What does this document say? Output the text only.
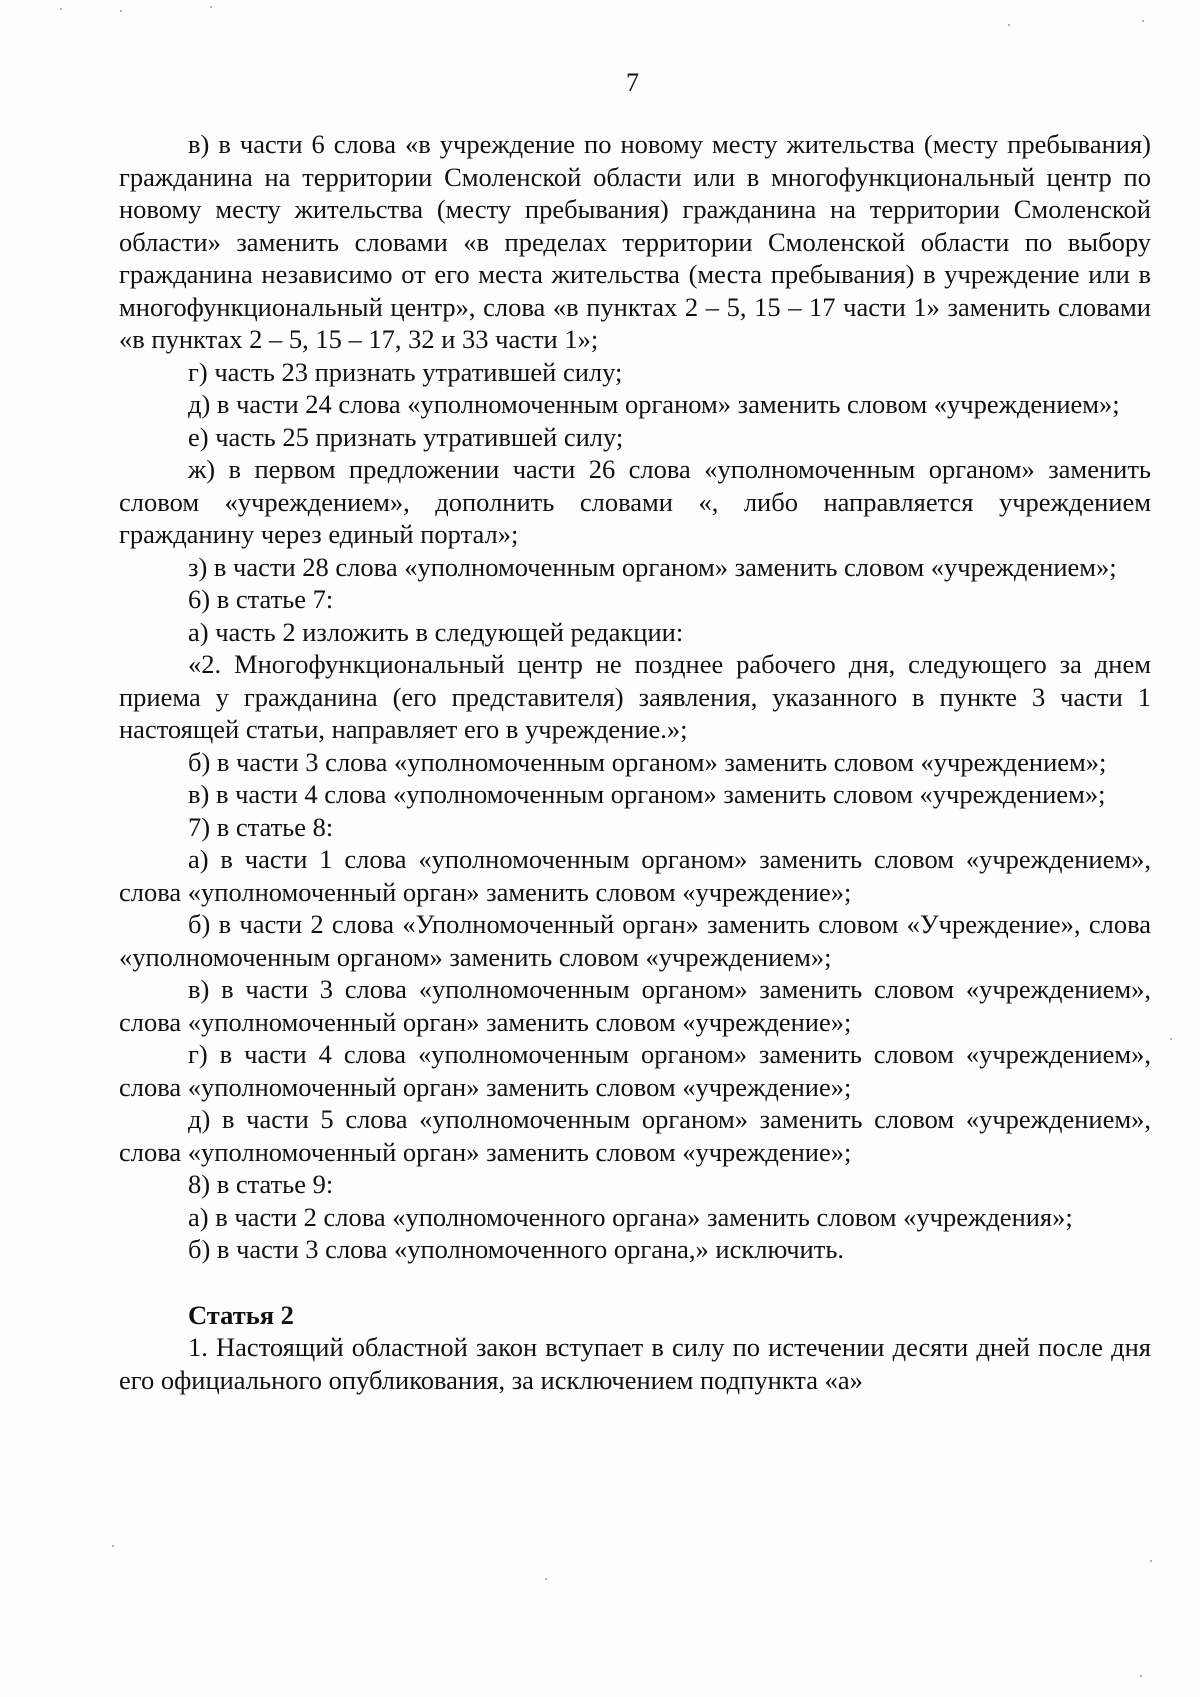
7

в) в части 6 слова «в учреждение по новому месту жительства (месту пребывания) гражданина на территории Смоленской области или в многофункциональный центр по новому месту жительства (месту пребывания) гражданина на территории Смоленской области» заменить словами «в пределах территории Смоленской области по выбору гражданина независимо от его места жительства (места пребывания) в учреждение или в многофункциональный центр», слова «в пунктах 2 – 5, 15 – 17 части 1» заменить словами «в пунктах 2 – 5, 15 – 17, 32 и 33 части 1»;

г) часть 23 признать утратившей силу;

д) в части 24 слова «уполномоченным органом» заменить словом «учреждением»;

е) часть 25 признать утратившей силу;

ж) в первом предложении части 26 слова «уполномоченным органом» заменить словом «учреждением», дополнить словами «, либо направляется учреждением гражданину через единый портал»;

з) в части 28 слова «уполномоченным органом» заменить словом «учреждением»;

6) в статье 7:

а) часть 2 изложить в следующей редакции:

«2. Многофункциональный центр не позднее рабочего дня, следующего за днем приема у гражданина (его представителя) заявления, указанного в пункте 3 части 1 настоящей статьи, направляет его в учреждение.»;

б) в части 3 слова «уполномоченным органом» заменить словом «учреждением»;

в) в части 4 слова «уполномоченным органом» заменить словом «учреждением»;

7) в статье 8:

а) в части 1 слова «уполномоченным органом» заменить словом «учреждением», слова «уполномоченный орган» заменить словом «учреждение»;

б) в части 2 слова «Уполномоченный орган» заменить словом «Учреждение», слова «уполномоченным органом» заменить словом «учреждением»;

в) в части 3 слова «уполномоченным органом» заменить словом «учреждением», слова «уполномоченный орган» заменить словом «учреждение»;

г) в части 4 слова «уполномоченным органом» заменить словом «учреждением», слова «уполномоченный орган» заменить словом «учреждение»;

д) в части 5 слова «уполномоченным органом» заменить словом «учреждением», слова «уполномоченный орган» заменить словом «учреждение»;

8) в статье 9:

а) в части 2 слова «уполномоченного органа» заменить словом «учреждения»;

б) в части 3 слова «уполномоченного органа,» исключить.

Статья 2

1. Настоящий областной закон вступает в силу по истечении десяти дней после дня его официального опубликования, за исключением подпункта «а»
